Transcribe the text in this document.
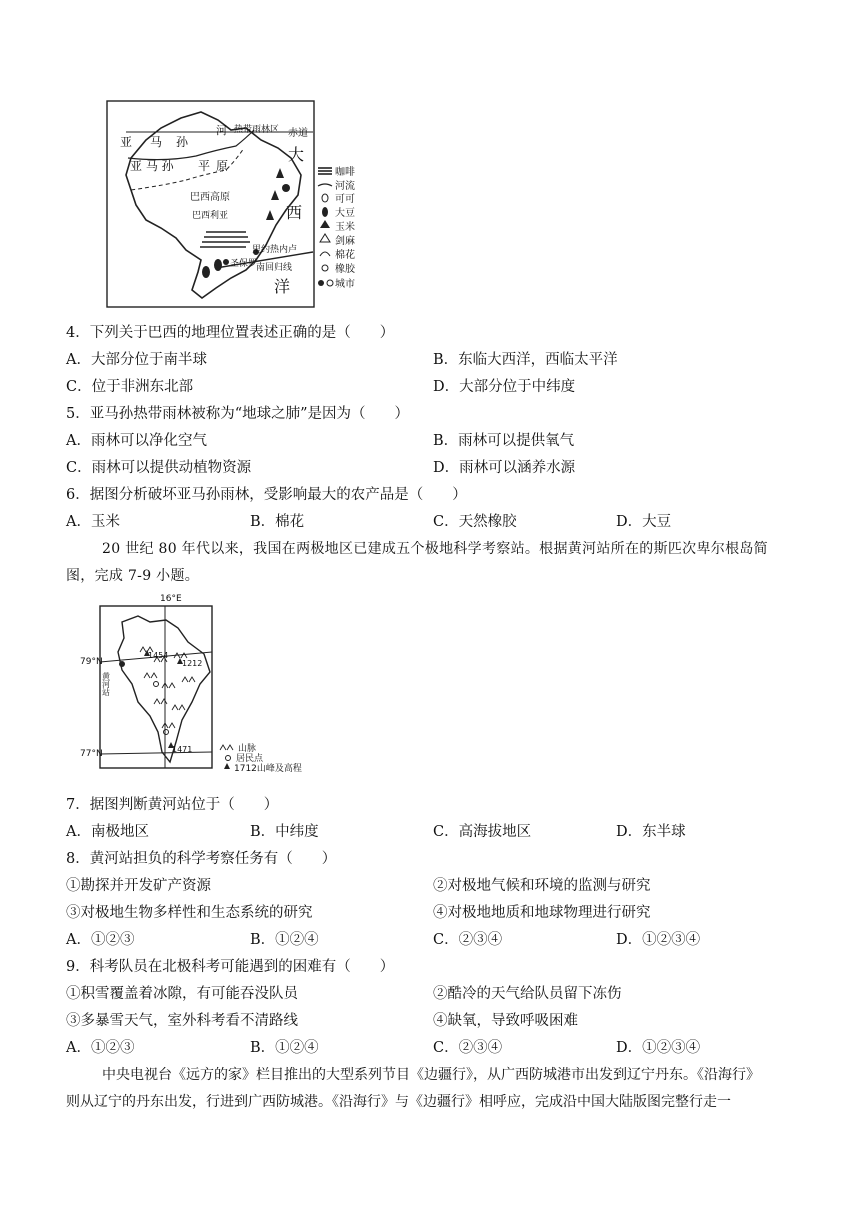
河 热带雨林区 赤道
亚 马 孙
亚 马 孙 平 原
巴西高原
巴西利亚
里约热内卢
圣保罗
南回归线
大
西
洋
咖啡
河流
可可
大豆
玉米
剑麻
棉花
橡胶
城市
4．下列关于巴西的地理位置表述正确的是（　　）
A．大部分位于南半球	B．东临大西洋，西临太平洋
C．位于非洲东北部	D．大部分位于中纬度
5．亚马孙热带雨林被称为“地球之肺”是因为（　　）
A．雨林可以净化空气	B．雨林可以提供氧气
C．雨林可以提供动植物资源	D．雨林可以涵养水源
6．据图分析破坏亚马孙雨林，受影响最大的农产品是（　　）
A．玉米	B．棉花	C．天然橡胶	D．大豆
20 世纪 80 年代以来，我国在两极地区已建成五个极地科学考察站。根据黄河站所在的斯匹次卑尔根岛简
图，完成 7-9 小题。
16°E
79°N
77°N
1454
1212
1471
黄河站
山脉
居民点
1712山峰及高程
7．据图判断黄河站位于（　　）
A．南极地区	B．中纬度	C．高海拔地区	D．东半球
8．黄河站担负的科学考察任务有（　　）
①勘探并开发矿产资源	②对极地气候和环境的监测与研究
③对极地生物多样性和生态系统的研究	④对极地地质和地球物理进行研究
A．①②③	B．①②④	C．②③④	D．①②③④
9．科考队员在北极科考可能遇到的困难有（　　）
①积雪覆盖着冰隙，有可能吞没队员	②酷冷的天气给队员留下冻伤
③多暴雪天气，室外科考看不清路线	④缺氧，导致呼吸困难
A．①②③	B．①②④	C．②③④	D．①②③④
中央电视台《远方的家》栏目推出的大型系列节目《边疆行》，从广西防城港市出发到辽宁丹东。《沿海行》
则从辽宁的丹东出发，行进到广西防城港。《沿海行》与《边疆行》相呼应，完成沿中国大陆版图完整行走一
